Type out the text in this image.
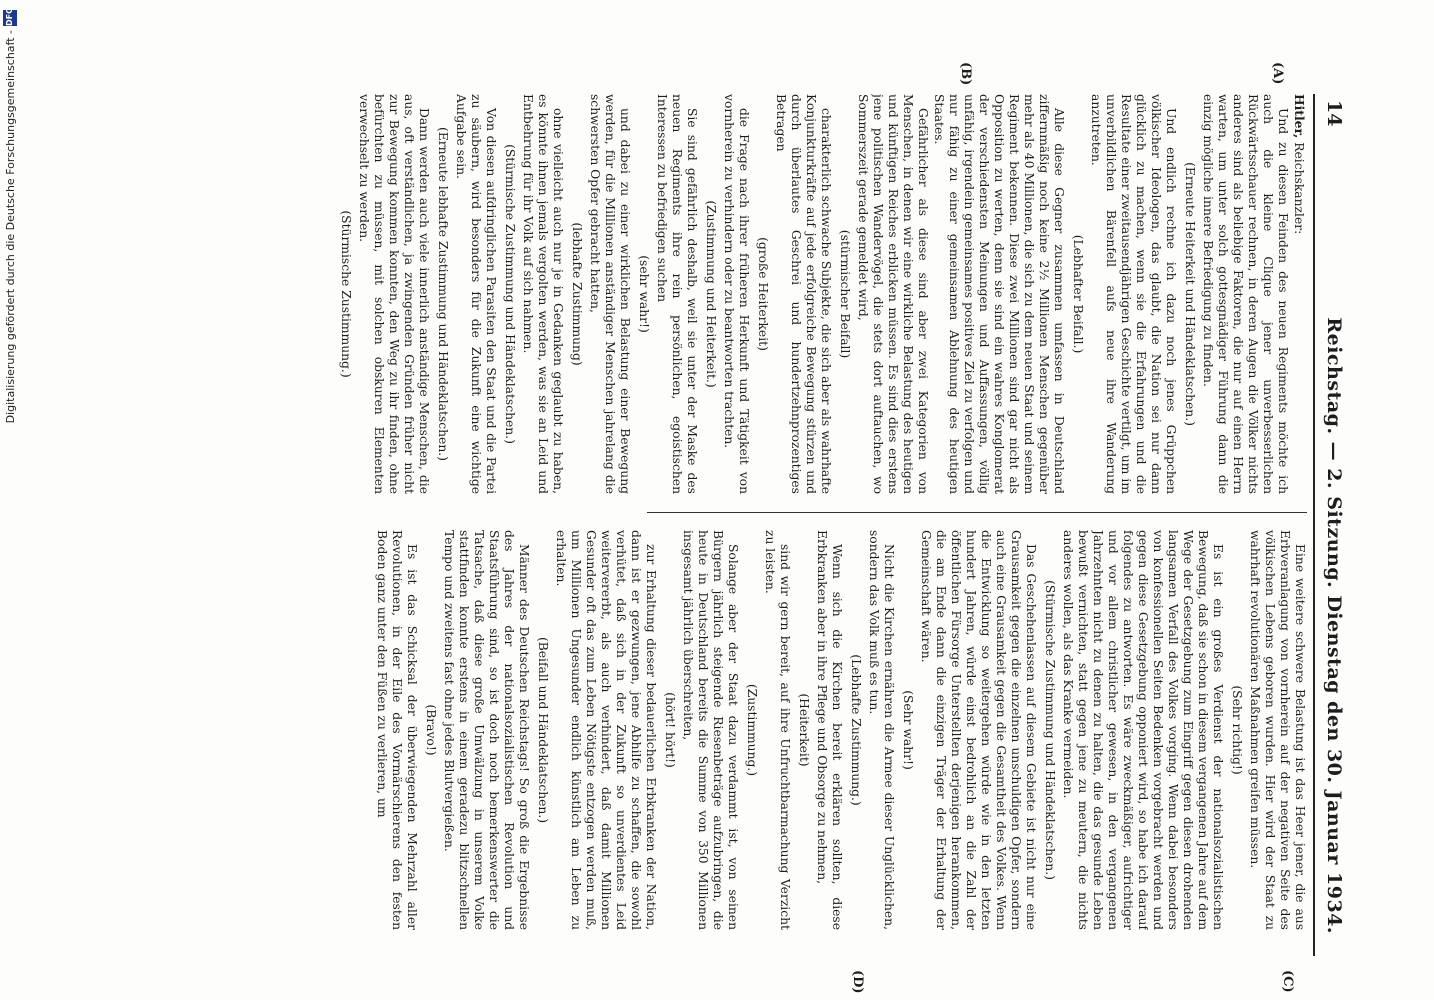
14
Reichstag. — 2. Sitzung. Dienstag den 30. Januar 1934.
(A)
(B)
(C)
(D)

Hitler, Reichskanzler:

Und zu diesen Feinden des neuen Regiments möchte ich auch die kleine Clique jener unverbesserlichen Rückwärtsschauer rechnen, in deren Augen die Völker nichts anderes sind als beliebige Faktoren, die nur auf einen Herrn warten, um unter solch gottesgnädiger Führung dann die einzig mögliche innere Befriedigung zu finden.

(Erneute Heiterkeit und Händeklatschen.)

Und endlich rechne ich dazu noch jenes Grüppchen völkischer Ideologen, das glaubt, die Nation sei nur dann glücklich zu machen, wenn sie die Erfahrungen und die Resultate einer zweitausendjährigen Geschichte vertilgt, um im unverbildlichen Bärenfell aufs neue ihre Wanderung anzutreten.

(Lebhafter Beifall.)

Alle diese Gegner zusammen umfassen in Deutschland ziffernmäßig noch keine 2½ Millionen Menschen gegenüber mehr als 40 Millionen, die sich zu dem neuen Staat und seinem Regiment bekennen. Diese zwei Millionen sind gar nicht als Opposition zu werten, denn sie sind ein wahres Konglomerat der verschiedensten Meinungen und Auffassungen, völlig unfähig, irgendein gemeinsames positives Ziel zu verfolgen und nur fähig zu einer gemeinsamen Ablehnung des heutigen Staates.

Gefährlicher als diese sind aber zwei Kategorien von Menschen, in denen wir eine wirkliche Belastung des heutigen und künftigen Reiches erblicken müssen. Es sind dies erstens jene politischen Wandervögel, die stets dort auftauchen, wo Sommerszeit gerade gemeldet wird,

(stürmischer Beifall)

charakterlich schwache Subjekte, die sich aber als wahrhafte Konjunkturkräfte auf jede erfolgreiche Bewegung stürzen und durch überlautes Geschrei und hundertzehnprozentiges Betragen

(große Heiterkeit)

die Frage nach ihrer früheren Herkunft und Tätigkeit von vornherein zu verhindern oder zu beantworten trachten.

(Zustimmung und Heiterkeit.)

Sie sind gefährlich deshalb, weil sie unter der Maske des neuen Regiments ihre rein persönlichen, egoistischen Interessen zu befriedigen suchen

(sehr wahr!)

und dabei zu einer wirklichen Belastung einer Bewegung werden, für die Millionen anständiger Menschen jahrelang die schwersten Opfer gebracht hatten,

(lebhafte Zustimmung)

ohne vielleicht auch nur je in Gedanken geglaubt zu haben, es könnte ihnen jemals vergolten werden, was sie an Leid und Entbehrung für ihr Volk auf sich nahmen.

(Stürmische Zustimmung und Händeklatschen.)

Von diesen aufdringlichen Parasiten den Staat und die Partei zu säubern, wird besonders für die Zukunft eine wichtige Aufgabe sein.

(Erneute lebhafte Zustimmung und Händeklatschen.)

Dann werden auch viele innerlich anständige Menschen, die aus, oft verständlichen, ja zwingenden Gründen früher nicht zur Bewegung kommen konnten, den Weg zu ihr finden, ohne befürchten zu müssen, mit solchen obskuren Elementen verwechselt zu werden.

(Stürmische Zustimmung.)

Eine weitere schwere Belastung ist das Heer jener, die aus Erbveranlagung von vornherein auf der negativen Seite des völkischen Lebens geboren wurden. Hier wird der Staat zu wahrhaft revolutionären Maßnahmen greifen müssen.

(Sehr richtig!)

Es ist ein großes Verdienst der nationalsozialistischen Bewegung, daß sie schon in diesem vergangenen Jahre auf dem Wege der Gesetzgebung zum Eingriff gegen diesen drohenden langsamen Verfall des Volkes vorging. Wenn dabei besonders von konfessionellen Seiten Bedenken vorgebracht werden und gegen diese Gesetzgebung opponiert wird, so habe ich darauf folgendes zu antworten. Es wäre zweckmäßiger, aufrichtiger und vor allem christlicher gewesen, in den vergangenen Jahrzehnten nicht zu denen zu halten, die das gesunde Leben bewußt vernichten, statt gegen jene zu meutern, die nichts anderes wollen, als das Kranke vermeiden.

(Stürmische Zustimmung und Händeklatschen.)

Das Geschehenlassen auf diesem Gebiete ist nicht nur eine Grausamkeit gegen die einzelnen unschuldigen Opfer, sondern auch eine Grausamkeit gegen die Gesamtheit des Volkes. Wenn die Entwicklung so weitergehen würde wie in den letzten hundert Jahren, würde einst bedrohlich an die Zahl der öffentlichen Fürsorge Unterstellten derjenigen herankommen, die am Ende dann die einzigen Träger der Erhaltung der Gemeinschaft wären.

(Sehr wahr!)

Nicht die Kirchen ernähren die Armee dieser Unglücklichen, sondern das Volk muß es tun.

(Lebhafte Zustimmung.)

Wenn sich die Kirchen bereit erklären sollten, diese Erbkranken aber in ihre Pflege und Obsorge zu nehmen,

(Heiterkeit)

sind wir gern bereit, auf ihre Unfruchtbarmachung Verzicht zu leisten.

(Zustimmung.)

Solange aber der Staat dazu verdammt ist, von seinen Bürgern jährlich steigende Riesenbeträge aufzubringen, die heute in Deutschland bereits die Summe von 350 Millionen insgesamt jährlich überschreiten,

(hört! hört!)

zur Erhaltung dieser bedauerlichen Erbkranken der Nation, dann ist er gezwungen, jene Abhilfe zu schaffen, die sowohl verhütet, daß sich in der Zukunft so unverdientes Leid weitervererbt, als auch verhindert, daß damit Millionen Gesunder oft das zum Leben Nötigste entzogen werden muß, um Millionen Ungesunder endlich künstlich am Leben zu erhalten.

(Beifall und Händeklatschen.)

Männer des Deutschen Reichstags! So groß die Ergebnisse des Jahres der nationalsozialistischen Revolution und Staatsführung sind, so ist doch noch bemerkenswerter die Tatsache, daß diese große Umwälzung in unserem Volke stattfinden konnte erstens in einem geradezu blitzschnellen Tempo und zweitens fast ohne jedes Blutvergießen.

(Bravo!)

Es ist das Schicksal der überwiegenden Mehrzahl aller Revolutionen, in der Eile des Vormärschierens den festen Boden ganz unter den Füßen zu verlieren, um

Digitalisierung gefördert durch die Deutsche Forschungsgemeinschaft -
DFG
